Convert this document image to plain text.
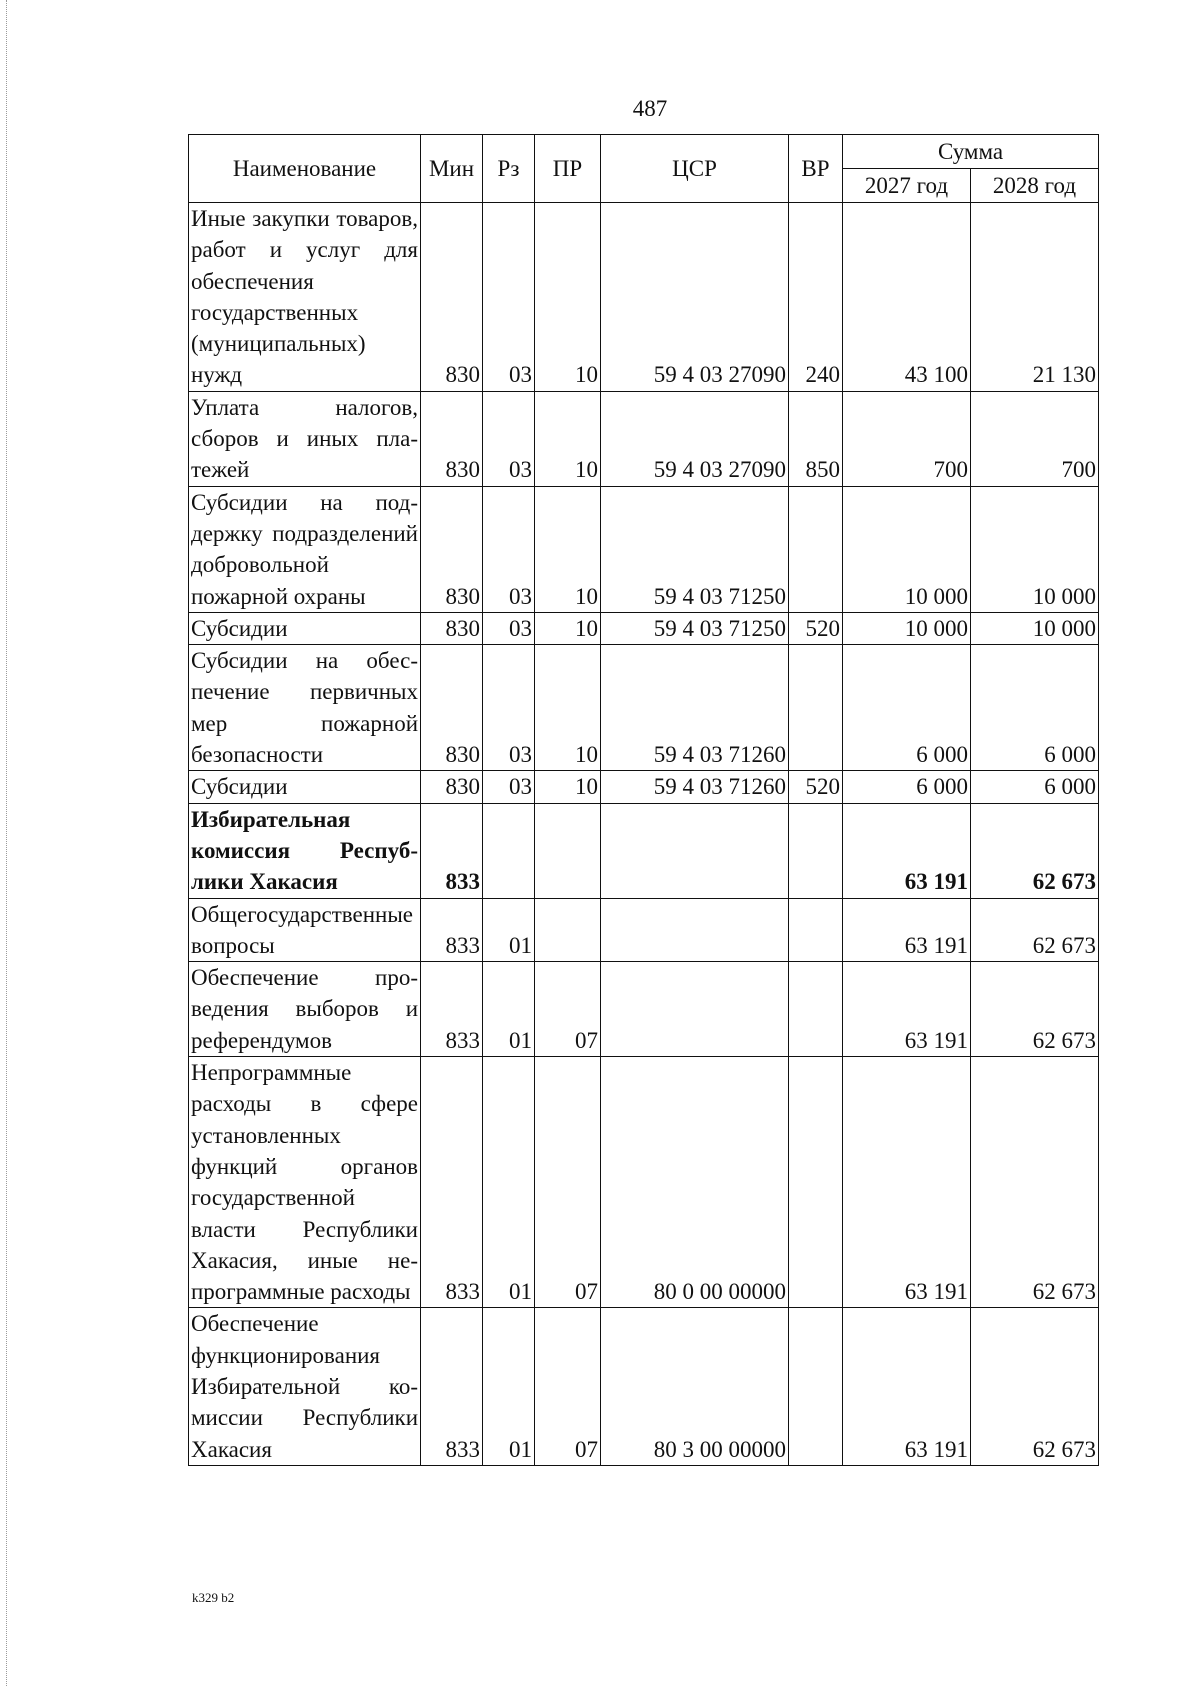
487
Наименование	Мин	Рз	ПР	ЦСР	ВР	Сумма	
						2027 год	2028 год
Иные закупки товаров, работ и услуг для обеспечения государственных (муниципальных) нужд	830	03	10	59 4 03 27090	240	43 100	21 130
Уплата налогов, сборов и иных платежей	830	03	10	59 4 03 27090	850	700	700
Субсидии на поддержку подразделений добровольной пожарной охраны	830	03	10	59 4 03 71250		10 000	10 000
Субсидии	830	03	10	59 4 03 71250	520	10 000	10 000
Субсидии на обеспечение первичных мер пожарной безопасности	830	03	10	59 4 03 71260		6 000	6 000
Субсидии	830	03	10	59 4 03 71260	520	6 000	6 000
Избирательная комиссия Республики Хакасия	833					63 191	62 673
Общегосударственные вопросы	833	01				63 191	62 673
Обеспечение проведения выборов и референдумов	833	01	07			63 191	62 673
Непрограммные расходы в сфере установленных функций органов государственной власти Республики Хакасия, иные непрограммные расходы	833	01	07	80 0 00 00000		63 191	62 673
Обеспечение функционирования Избирательной комиссии Республики Хакасия	833	01	07	80 3 00 00000		63 191	62 673
k329 b2
